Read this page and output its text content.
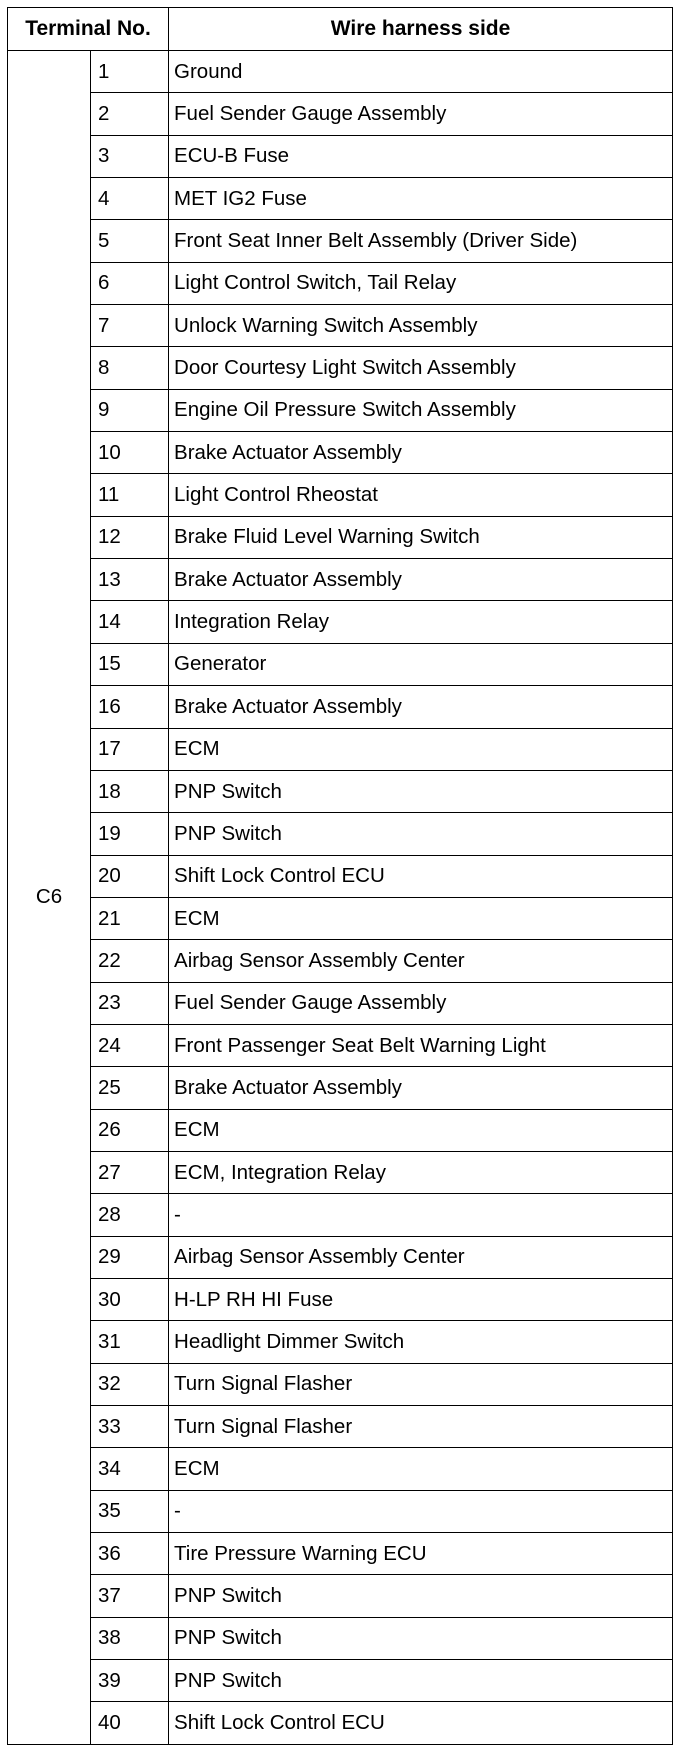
Terminal No.		Wire harness side
C6	1	Ground
	2	Fuel Sender Gauge Assembly
	3	ECU-B Fuse
	4	MET IG2 Fuse
	5	Front Seat Inner Belt Assembly (Driver Side)
	6	Light Control Switch, Tail Relay
	7	Unlock Warning Switch Assembly
	8	Door Courtesy Light Switch Assembly
	9	Engine Oil Pressure Switch Assembly
	10	Brake Actuator Assembly
	11	Light Control Rheostat
	12	Brake Fluid Level Warning Switch
	13	Brake Actuator Assembly
	14	Integration Relay
	15	Generator
	16	Brake Actuator Assembly
	17	ECM
	18	PNP Switch
	19	PNP Switch
	20	Shift Lock Control ECU
	21	ECM
	22	Airbag Sensor Assembly Center
	23	Fuel Sender Gauge Assembly
	24	Front Passenger Seat Belt Warning Light
	25	Brake Actuator Assembly
	26	ECM
	27	ECM, Integration Relay
	28	-
	29	Airbag Sensor Assembly Center
	30	H-LP RH HI Fuse
	31	Headlight Dimmer Switch
	32	Turn Signal Flasher
	33	Turn Signal Flasher
	34	ECM
	35	-
	36	Tire Pressure Warning ECU
	37	PNP Switch
	38	PNP Switch
	39	PNP Switch
	40	Shift Lock Control ECU
